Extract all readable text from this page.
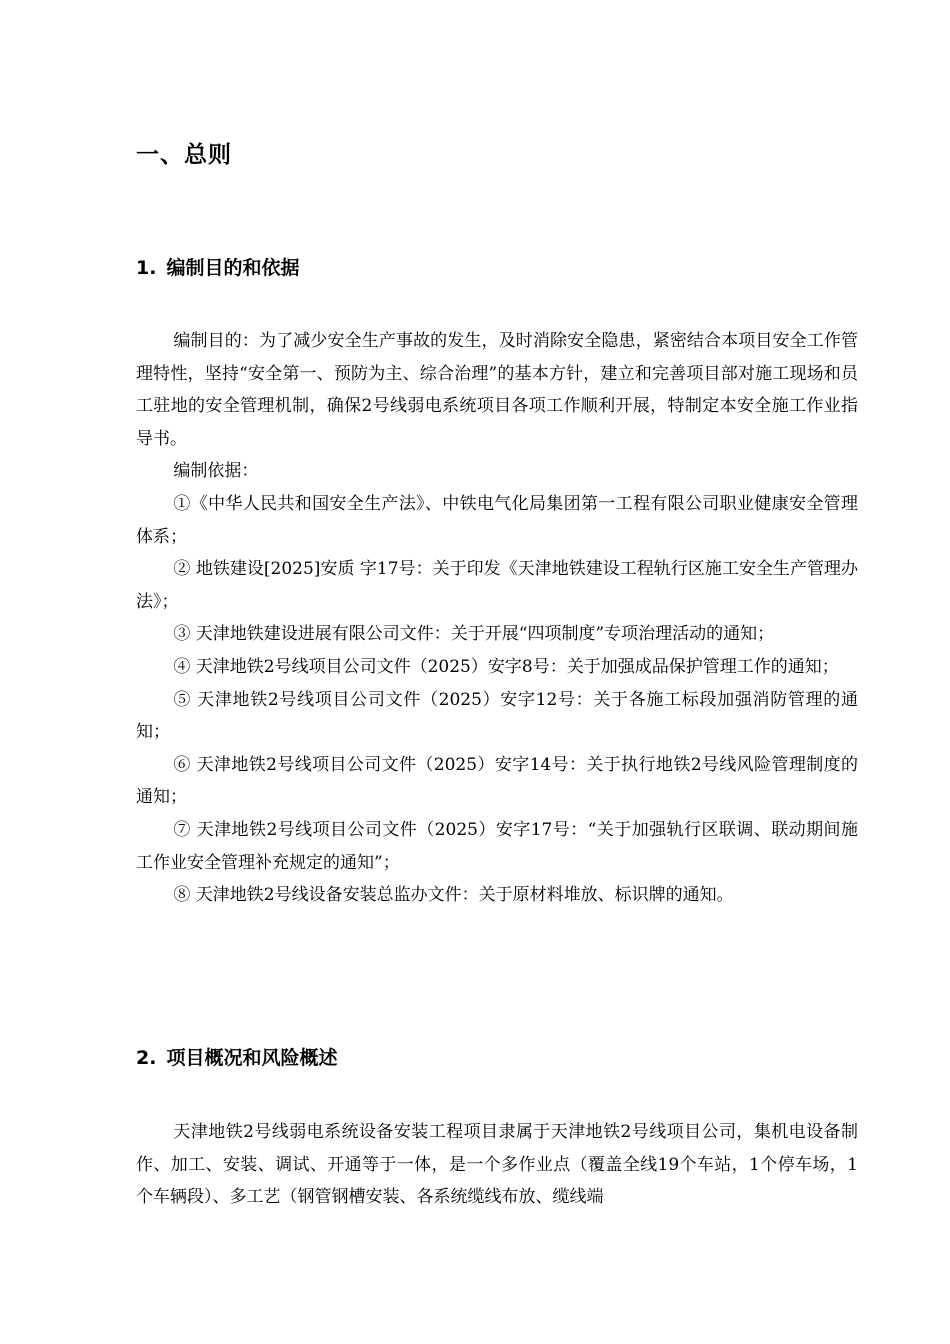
一、总则
1. 编制目的和依据

编制目的：为了减少安全生产事故的发生，及时消除安全隐患，紧密结合本项目安全工作管理特性，坚持“安全第一、预防为主、综合治理”的基本方针，建立和完善项目部对施工现场和员工驻地的安全管理机制，确保2号线弱电系统项目各项工作顺利开展，特制定本安全施工作业指导书。

编制依据：

①《中华人民共和国安全生产法》、中铁电气化局集团第一工程有限公司职业健康安全管理体系；

② 地铁建设[2025]安质 字17号：关于印发《天津地铁建设工程轨行区施工安全生产管理办法》；

③ 天津地铁建设进展有限公司文件：关于开展“四项制度”专项治理活动的通知；

④ 天津地铁2号线项目公司文件（2025）安字8号：关于加强成品保护管理工作的通知；

⑤ 天津地铁2号线项目公司文件（2025）安字12号：关于各施工标段加强消防管理的通知；

⑥ 天津地铁2号线项目公司文件（2025）安字14号：关于执行地铁2号线风险管理制度的通知；

⑦ 天津地铁2号线项目公司文件（2025）安字17号：“关于加强轨行区联调、联动期间施工作业安全管理补充规定的通知”；

⑧ 天津地铁2号线设备安装总监办文件：关于原材料堆放、标识牌的通知。

2. 项目概况和风险概述

天津地铁2号线弱电系统设备安装工程项目隶属于天津地铁2号线项目公司，集机电设备制作、加工、安装、调试、开通等于一体，是一个多作业点（覆盖全线19个车站，1个停车场，1个车辆段）、多工艺（钢管钢槽安装、各系统缆线布放、缆线端
